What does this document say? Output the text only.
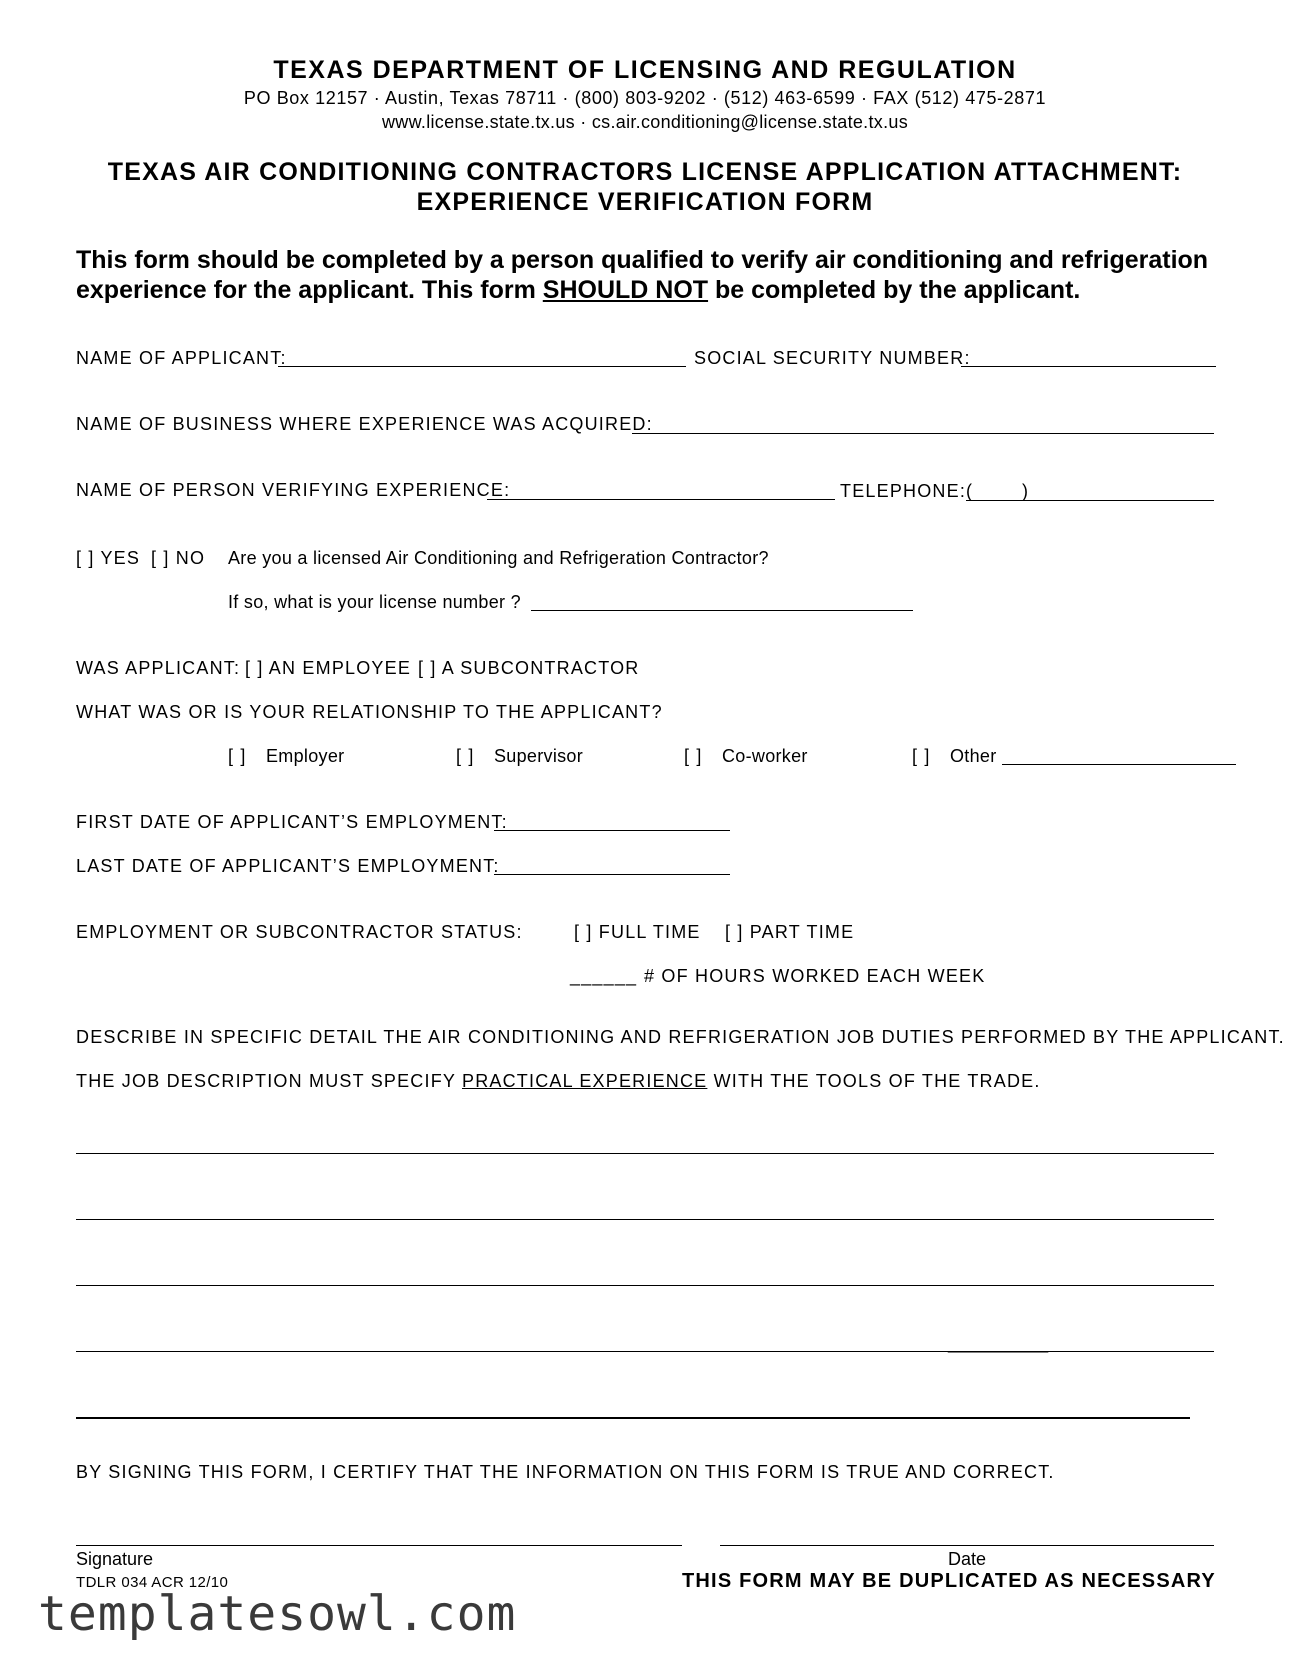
TEXAS DEPARTMENT OF LICENSING AND REGULATION
PO Box 12157 · Austin, Texas 78711 · (800) 803-9202 · (512) 463-6599 · FAX (512) 475-2871
www.license.state.tx.us · cs.air.conditioning@license.state.tx.us
TEXAS AIR CONDITIONING CONTRACTORS LICENSE APPLICATION ATTACHMENT:
EXPERIENCE VERIFICATION FORM
This form should be completed by a person qualified to verify air conditioning and refrigeration experience for the applicant. This form SHOULD NOT be completed by the applicant.
NAME OF APPLICANT:	SOCIAL SECURITY NUMBER:
NAME OF BUSINESS WHERE EXPERIENCE WAS ACQUIRED:
NAME OF PERSON VERIFYING EXPERIENCE:	TELEPHONE: (	)
[ ] YES [ ] NO Are you a licensed Air Conditioning and Refrigeration Contractor?
If so, what is your license number ?
WAS APPLICANT: [ ] AN EMPLOYEE [ ] A SUBCONTRACTOR
WHAT WAS OR IS YOUR RELATIONSHIP TO THE APPLICANT?
[ ] Employer	[ ] Supervisor	[ ] Co-worker	[ ] Other
FIRST DATE OF APPLICANT’S EMPLOYMENT:
LAST DATE OF APPLICANT’S EMPLOYMENT:
EMPLOYMENT OR SUBCONTRACTOR STATUS:	[ ] FULL TIME [ ] PART TIME
______ # OF HOURS WORKED EACH WEEK
DESCRIBE IN SPECIFIC DETAIL THE AIR CONDITIONING AND REFRIGERATION JOB DUTIES PERFORMED BY THE APPLICANT.
THE JOB DESCRIPTION MUST SPECIFY PRACTICAL EXPERIENCE WITH THE TOOLS OF THE TRADE.
__________
BY SIGNING THIS FORM, I CERTIFY THAT THE INFORMATION ON THIS FORM IS TRUE AND CORRECT.
Signature	Date
TDLR 034 ACR 12/10	THIS FORM MAY BE DUPLICATED AS NECESSARY
templatesowl.com
